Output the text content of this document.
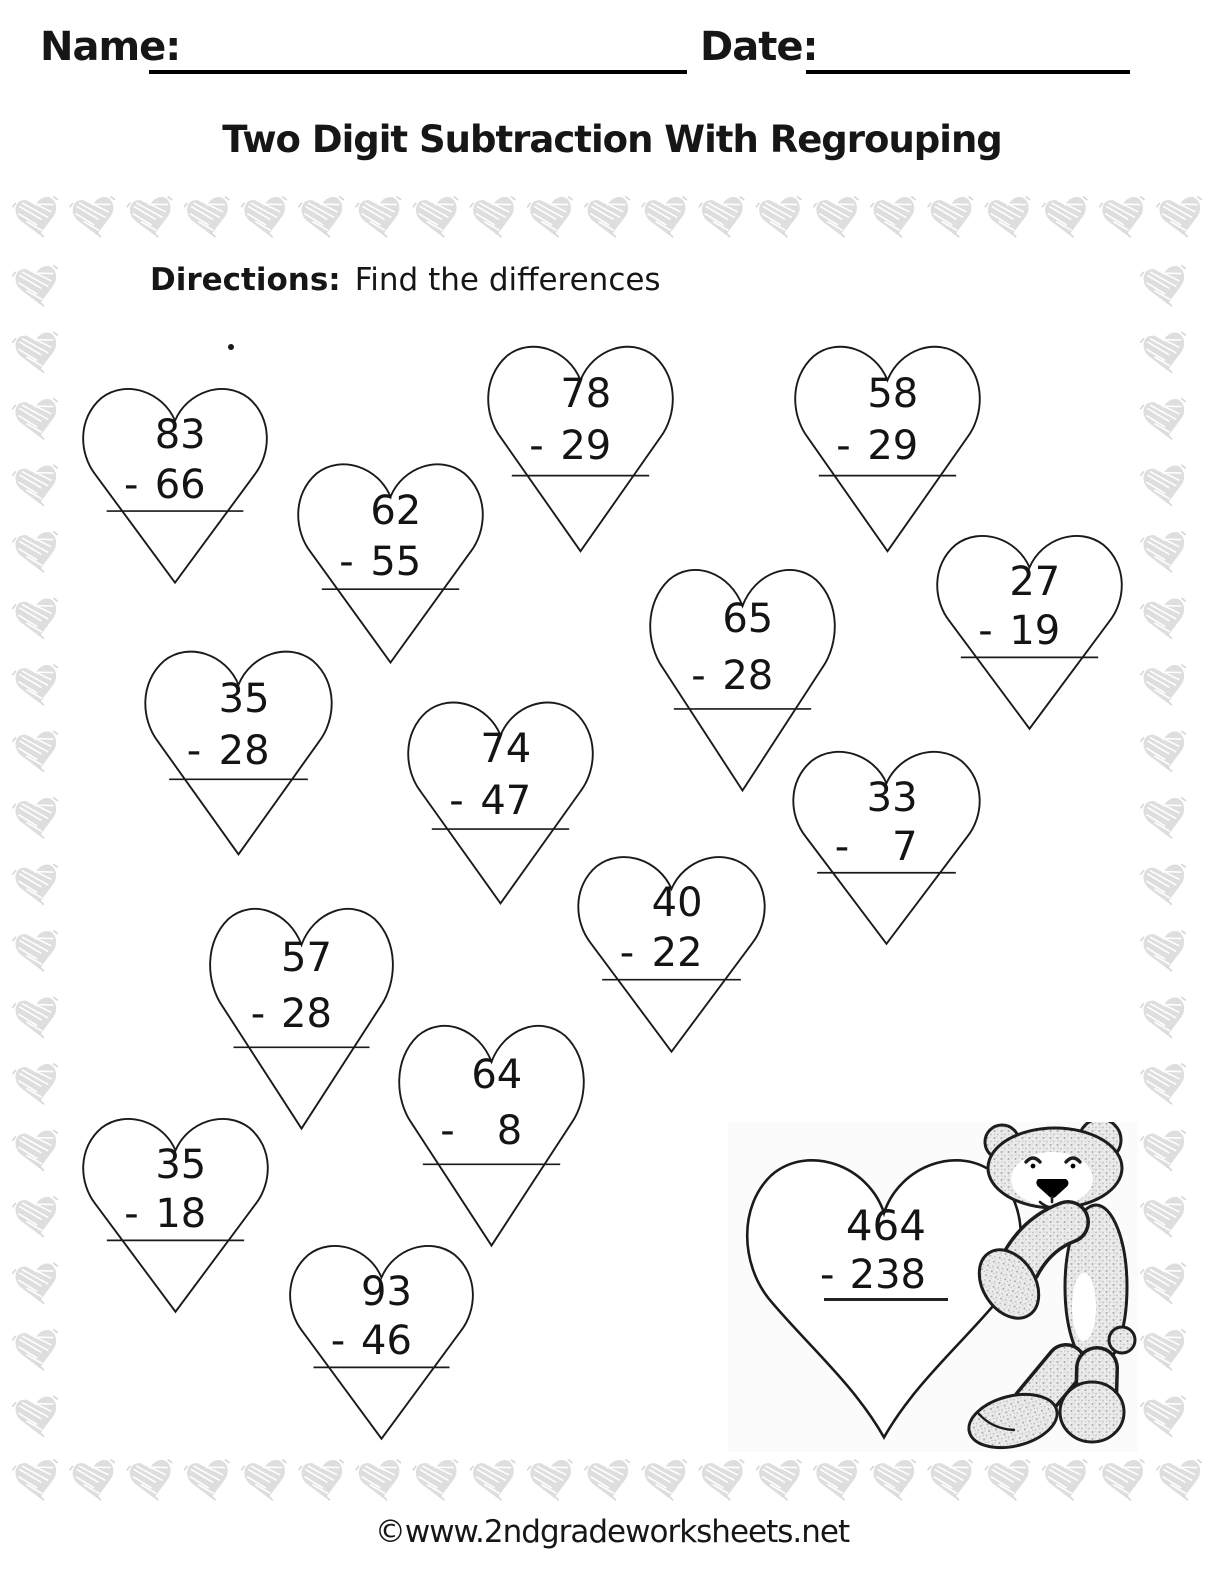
Name:	Date:
Two Digit Subtraction With Regrouping
Directions: Find the differences
83
- 66
62
- 55
78
- 29
58
- 29
65
- 28
27
- 19
35
- 28	74
- 47	33
- 7
57
- 28
40
- 22
64
- 8
35
- 18
93
- 46
464
- 238
©www.2ndgradeworksheets.net
